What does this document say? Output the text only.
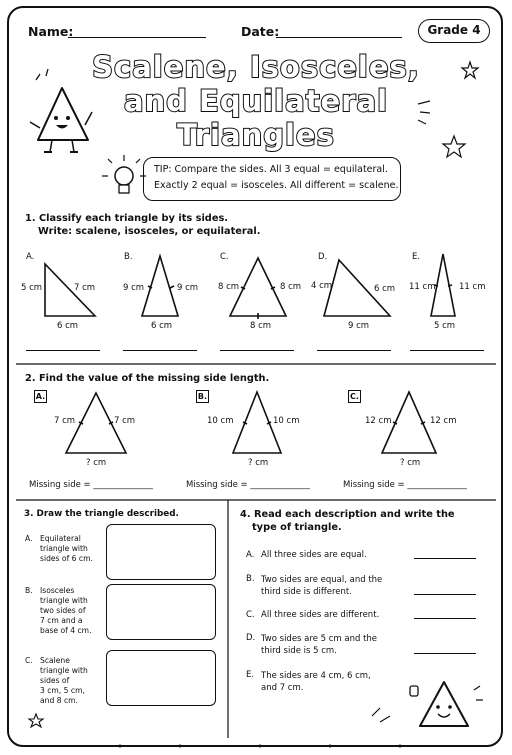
Name:	Date:	Grade 4
Scalene, Isosceles,
and Equilateral
Triangles
TIP: Compare the sides. All 3 equal = equilateral.
Exactly 2 equal = isosceles. All different = scalene.
1. Classify each triangle by its sides.
Write: scalene, isosceles, or equilateral.
A.
5 cm	7 cm
6 cm
B.
9 cm	9 cm
6 cm
C.
8 cm	8 cm
8 cm
D.
4 cm	6 cm
9 cm
E.
11 cm	11 cm
5 cm
2. Find the value of the missing side length.
A.
7 cm	7 cm
? cm
Missing side = ______________
B.
10 cm	10 cm
? cm
Missing side = ______________
C.
12 cm	12 cm
? cm
Missing side = ______________
3. Draw the triangle described.
A. Equilateral
triangle with
sides of 6 cm.
B. Isosceles
triangle with
two sides of
7 cm and a
base of 4 cm.
C. Scalene
triangle with
sides of
3 cm, 5 cm,
and 8 cm.
4. Read each description and write the
type of triangle.
A. All three sides are equal.
B. Two sides are equal, and the
third side is different.
C. All three sides are different.
D. Two sides are 5 cm and the
third side is 5 cm.
E. The sides are 4 cm, 6 cm,
and 7 cm.
